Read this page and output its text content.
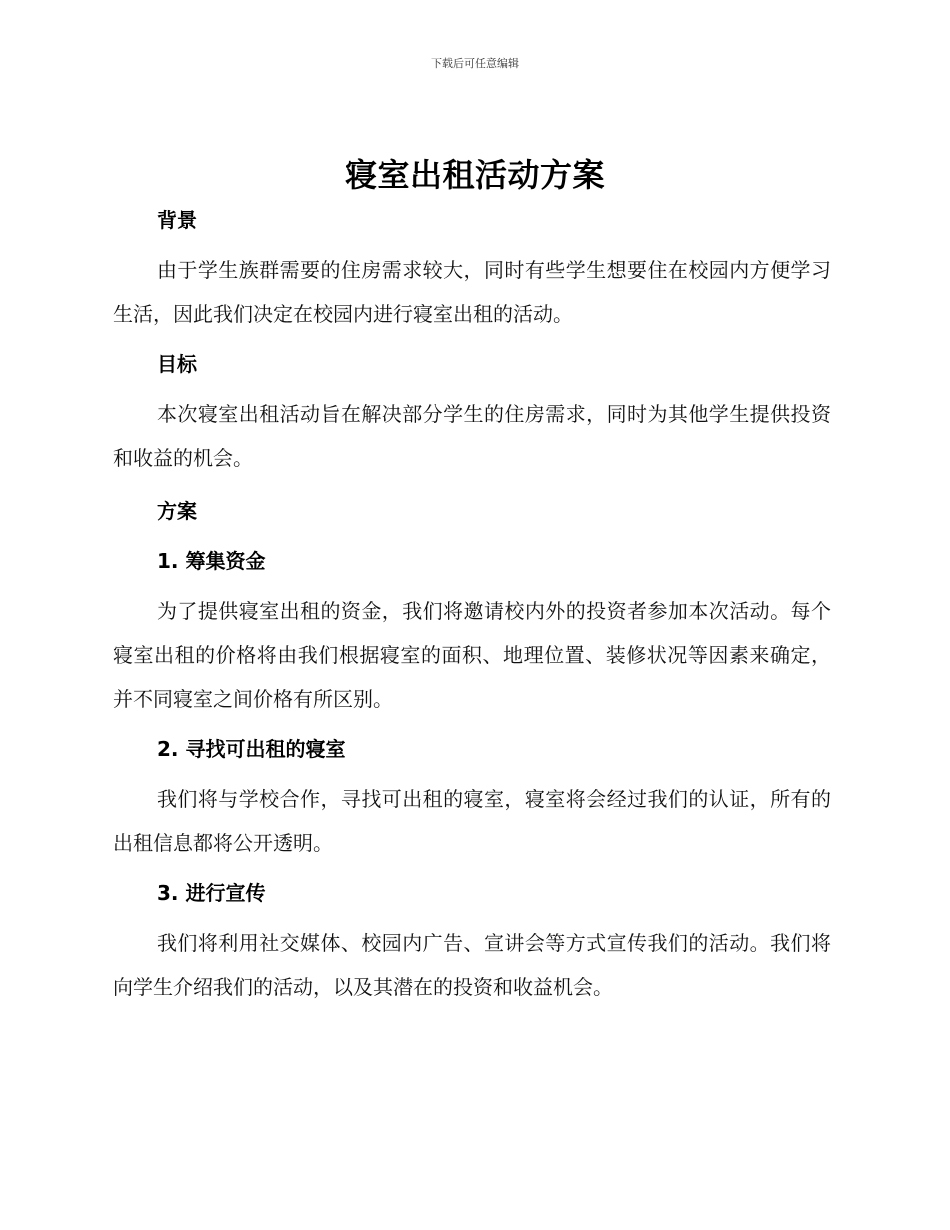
下载后可任意编辑
寝室出租活动方案
背景

由于学生族群需要的住房需求较大，同时有些学生想要住在校园内方便学习生活，因此我们决定在校园内进行寝室出租的活动。

目标

本次寝室出租活动旨在解决部分学生的住房需求，同时为其他学生提供投资和收益的机会。

方案
1. 筹集资金

为了提供寝室出租的资金，我们将邀请校内外的投资者参加本次活动。每个寝室出租的价格将由我们根据寝室的面积、地理位置、装修状况等因素来确定，并不同寝室之间价格有所区别。

2. 寻找可出租的寝室

我们将与学校合作，寻找可出租的寝室，寝室将会经过我们的认证，所有的出租信息都将公开透明。

3. 进行宣传

我们将利用社交媒体、校园内广告、宣讲会等方式宣传我们的活动。我们将向学生介绍我们的活动，以及其潜在的投资和收益机会。
